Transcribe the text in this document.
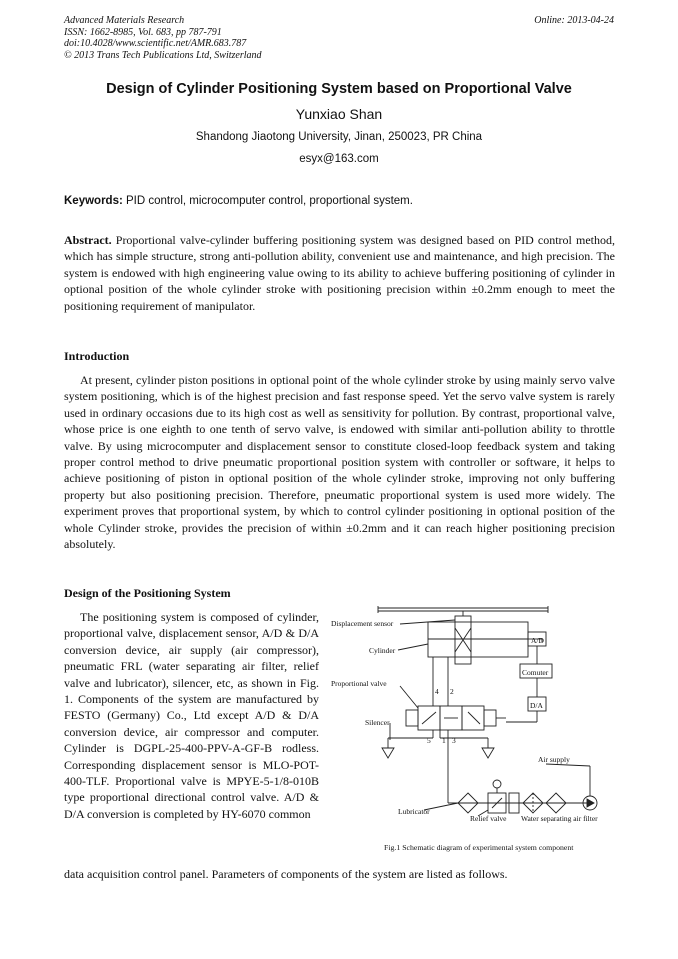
Advanced Materials Research
ISSN: 1662-8985, Vol. 683, pp 787-791
doi:10.4028/www.scientific.net/AMR.683.787
© 2013 Trans Tech Publications Ltd, Switzerland
Online: 2013-04-24
Design of Cylinder Positioning System based on Proportional Valve
Yunxiao Shan
Shandong Jiaotong University, Jinan, 250023, PR China
esyx@163.com
Keywords: PID control, microcomputer control, proportional system.

Abstract. Proportional valve-cylinder buffering positioning system was designed based on PID control method, which has simple structure, strong anti-pollution ability, convenient use and maintenance, and high precision. The system is endowed with high engineering value owing to its ability to achieve buffering positioning of cylinder in optional position of the whole cylinder stroke with positioning precision within ±0.2mm enough to meet the positioning requirement of manipulator.

Introduction

At present, cylinder piston positions in optional point of the whole cylinder stroke by using mainly servo valve system positioning, which is of the highest precision and fast response speed. Yet the servo valve system is rarely used in ordinary occasions due to its high cost as well as sensitivity for pollution. By contrast, proportional valve, whose price is one eighth to one tenth of servo valve, is endowed with similar anti-pollution ability to throttle valve. By using microcomputer and displacement sensor to constitute closed-loop feedback system and taking proper control method to drive pneumatic proportional position system with controller or software, it helps to achieve positioning of piston in optional position of the whole cylinder stroke, improving not only buffering property but also positioning precision. Therefore, pneumatic proportional system is used more widely. The experiment proves that proportional system, by which to control cylinder positioning in optional position of the whole Cylinder stroke, provides the precision of within ±0.2mm and it can reach higher positioning precision absolutely.

Design of the Positioning System

The positioning system is composed of cylinder, proportional valve, displacement sensor, A/D & D/A conversion device, air supply (air compressor), pneumatic FRL (water separating air filter, relief valve and lubricator), silencer, etc, as shown in Fig. 1. Components of the system are manufactured by FESTO (Germany) Co., Ltd except A/D & D/A conversion device, air compressor and computer. Cylinder is DGPL-25-400-PPV-A-GF-B rodless. Corresponding displacement sensor is MLO-POT-400-TLF. Proportional valve is MPYE-5-1/8-010B type proportional directional control valve. A/D & D/A conversion is completed by HY-6070 common

data acquisition control panel. Parameters of components of the system are listed as follows.
Displacement sensor
Cylinder
Proportional valve
Silencer
A/D
Comuter
D/A
4 2
5 1 3
Air supply
Lubricator
Relief valve Water separating air filter
Fig.1 Schematic diagram of experimental system component
